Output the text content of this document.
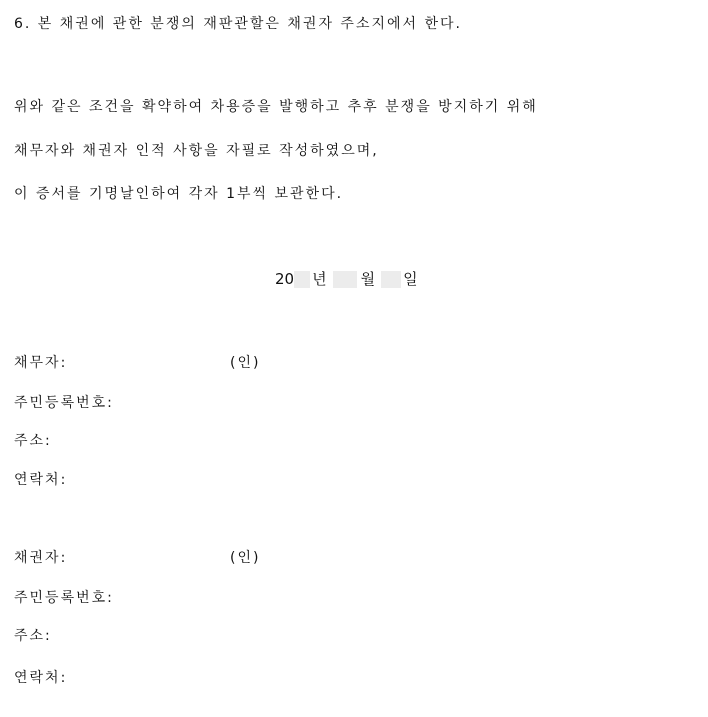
6. 본 채권에 관한 분쟁의 재판관할은 채권자 주소지에서 한다.
위와 같은 조건을 확약하여 차용증을 발행하고 추후 분쟁을 방지하기 위해
채무자와 채권자 인적 사항을 자필로 작성하였으며,
이 증서를 기명날인하여 각자 1부씩 보관한다.
20 년 월 일
채무자:	(인)
주민등록번호:
주소:
연락처:
채권자:	(인)
주민등록번호:
주소:
연락처:
